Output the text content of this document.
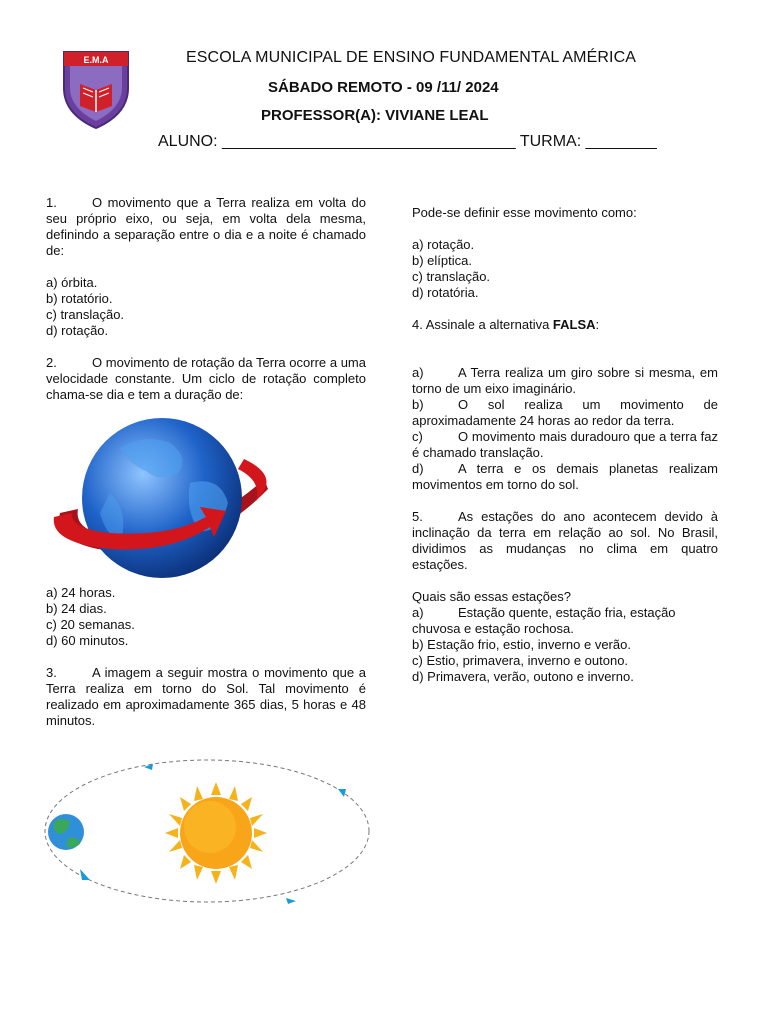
E.M.A	ESCOLA MUNICIPAL DE ENSINO FUNDAMENTAL AMÉRICA
SÁBADO REMOTO - 09 /11/ 2024
PROFESSOR(A): VIVIANE LEAL
ALUNO: _________________________________ TURMA: ________

1.	O movimento que a Terra realiza em volta do seu próprio eixo, ou seja, em volta dela mesma, definindo a separação entre o dia e a noite é chamado de:

a) órbita.

b) rotatório.

c) translação.

d) rotação.

2.	O movimento de rotação da Terra ocorre a uma velocidade constante. Um ciclo de rotação completo chama-se dia e tem a duração de:

a) 24 horas.

b) 24 dias.

c) 20 semanas.

d) 60 minutos.

3.	A imagem a seguir mostra o movimento que a Terra realiza em torno do Sol. Tal movimento é realizado em aproximadamente 365 dias, 5 horas e 48 minutos.

Pode-se definir esse movimento como:

a) rotação.

b) elíptica.

c) translação.

d) rotatória.

4. Assinale a alternativa FALSA:

a)	A Terra realiza um giro sobre si mesma, em torno de um eixo imaginário.

b)	O sol realiza um movimento de aproximadamente 24 horas ao redor da terra.

c)	O movimento mais duradouro que a terra faz é chamado translação.

d)	A terra e os demais planetas realizam movimentos em torno do sol.

5.	As estações do ano acontecem devido à inclinação da terra em relação ao sol. No Brasil, dividimos as mudanças no clima em quatro estações.

Quais são essas estações?

a)	Estação quente, estação fria, estação chuvosa e estação rochosa.

b) Estação frio, estio, inverno e verão.

c) Estio, primavera, inverno e outono.

d) Primavera, verão, outono e inverno.
